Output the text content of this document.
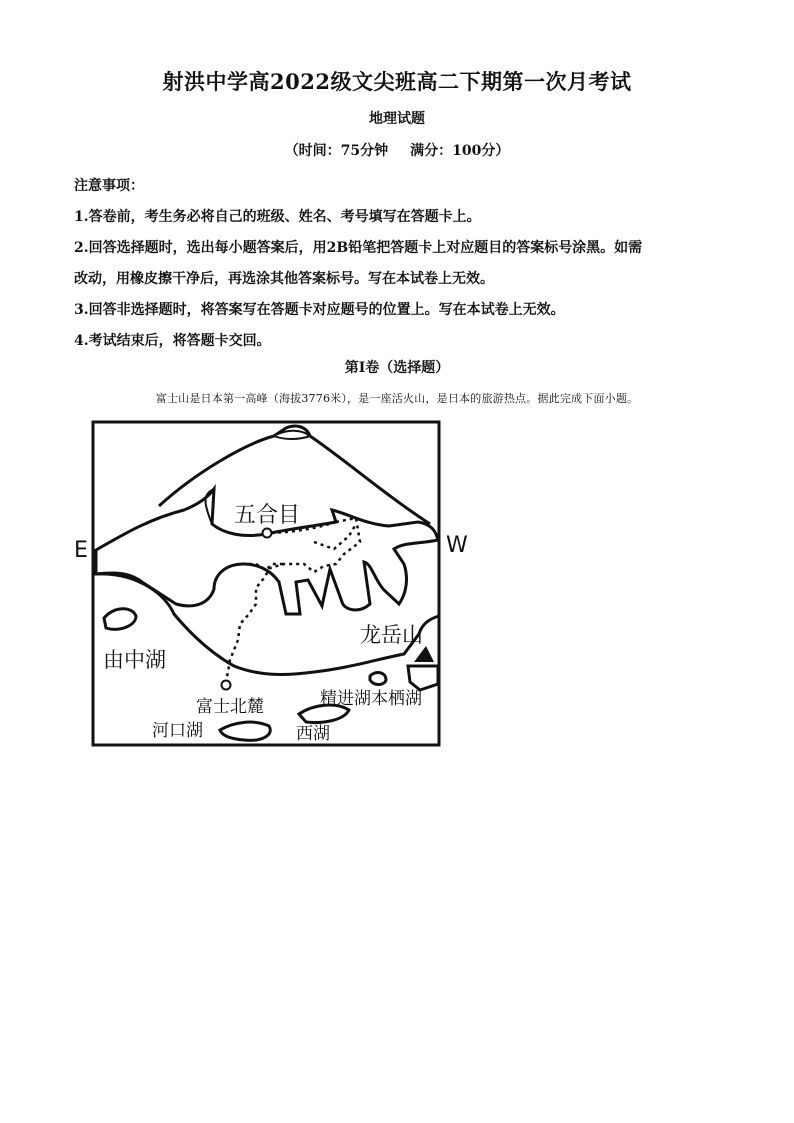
射洪中学高2022级文尖班高二下期第一次月考试
地理试题
（时间：75分钟 满分：100分）
注意事项：
1.答卷前，考生务必将自己的班级、姓名、考号填写在答题卡上。
2.回答选择题时，选出每小题答案后，用2B铅笔把答题卡上对应题目的答案标号涂黑。如需
改动，用橡皮擦干净后，再选涂其他答案标号。写在本试卷上无效。
3.回答非选择题时，将答案写在答题卡对应题号的位置上。写在本试卷上无效。
4.考试结束后，将答题卡交回。
第Ⅰ卷（选择题）
富士山是日本第一高峰（海拔3776米），是一座活火山，是日本的旅游热点。据此完成下面小题。
E	W
五合目
龙岳山
由中湖
富士北麓	精进湖本栖湖
河口湖	西湖
